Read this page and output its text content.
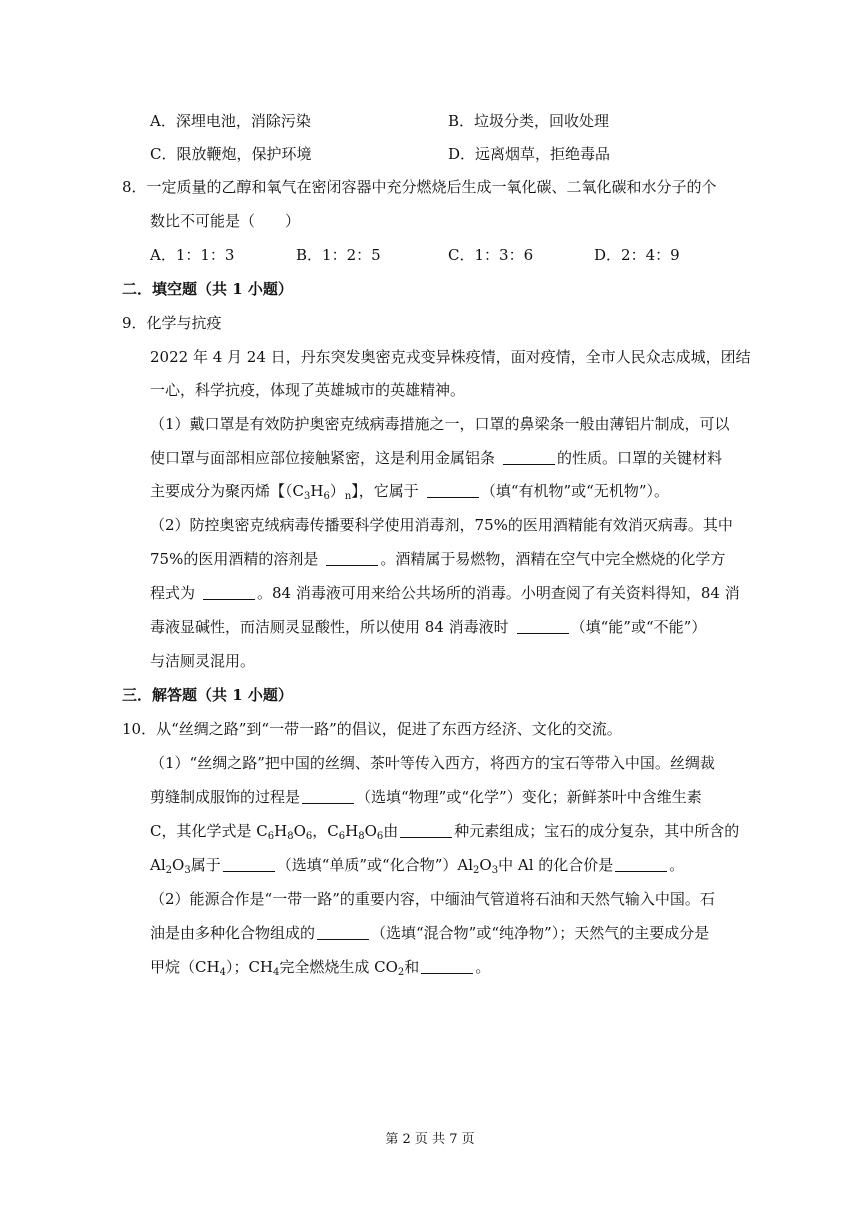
A．深埋电池，消除污染	B．垃圾分类，回收处理
C．限放鞭炮，保护环境	D．远离烟草，拒绝毒品
8．一定质量的乙醇和氧气在密闭容器中充分燃烧后生成一氧化碳、二氧化碳和水分子的个
数比不可能是（　　）
A．1：1：3	B．1：2：5	C．1：3：6	D．2：4：9
二．填空题（共 1 小题）
9．化学与抗疫
2022 年 4 月 24 日，丹东突发奥密克戎变异株疫情，面对疫情，全市人民众志成城，团结
一心，科学抗疫，体现了英雄城市的英雄精神。
（1）戴口罩是有效防护奥密克绒病毒措施之一，口罩的鼻梁条一般由薄铝片制成，可以
使口罩与面部相应部位接触紧密，这是利用金属铝条	的性质。口罩的关键材料
主要成分为聚丙烯【$(C_3H_6)_n$】，它属于	（填“有机物”或“无机物”）。
（2）防控奥密克绒病毒传播要科学使用消毒剂，75%的医用酒精能有效消灭病毒。其中
75%的医用酒精的溶剂是	。酒精属于易燃物，酒精在空气中完全燃烧的化学方
程式为	。84 消毒液可用来给公共场所的消毒。小明查阅了有关资料得知，84 消
毒液显碱性，而洁厕灵显酸性，所以使用 84 消毒液时	（填“能”或“不能”）
与洁厕灵混用。
三．解答题（共 1 小题）
10．从“丝绸之路”到“一带一路”的倡议，促进了东西方经济、文化的交流。
（1）“丝绸之路”把中国的丝绸、茶叶等传入西方，将西方的宝石等带入中国。丝绸裁
剪缝制成服饰的过程是	（选填“物理”或“化学”）变化；新鲜茶叶中含维生素
C，其化学式是 $C_6H_8O_6$，$C_6H_8O_6$由	种元素组成；宝石的成分复杂，其中所含的
$Al_2O_3$属于	（选填“单质”或“化合物$”)Al_2O_3$中 Al 的化合价是	。
（2）能源合作是“一带一路”的重要内容，中缅油气管道将石油和天然气输入中国。石
油是由多种化合物组成的	（选填“混合物”或“纯净物”）；天然气的主要成分是
甲烷$(CH_4)$；$CH_4$完全燃烧生成 $CO_2$和	。
第 2 页 共 7 页
